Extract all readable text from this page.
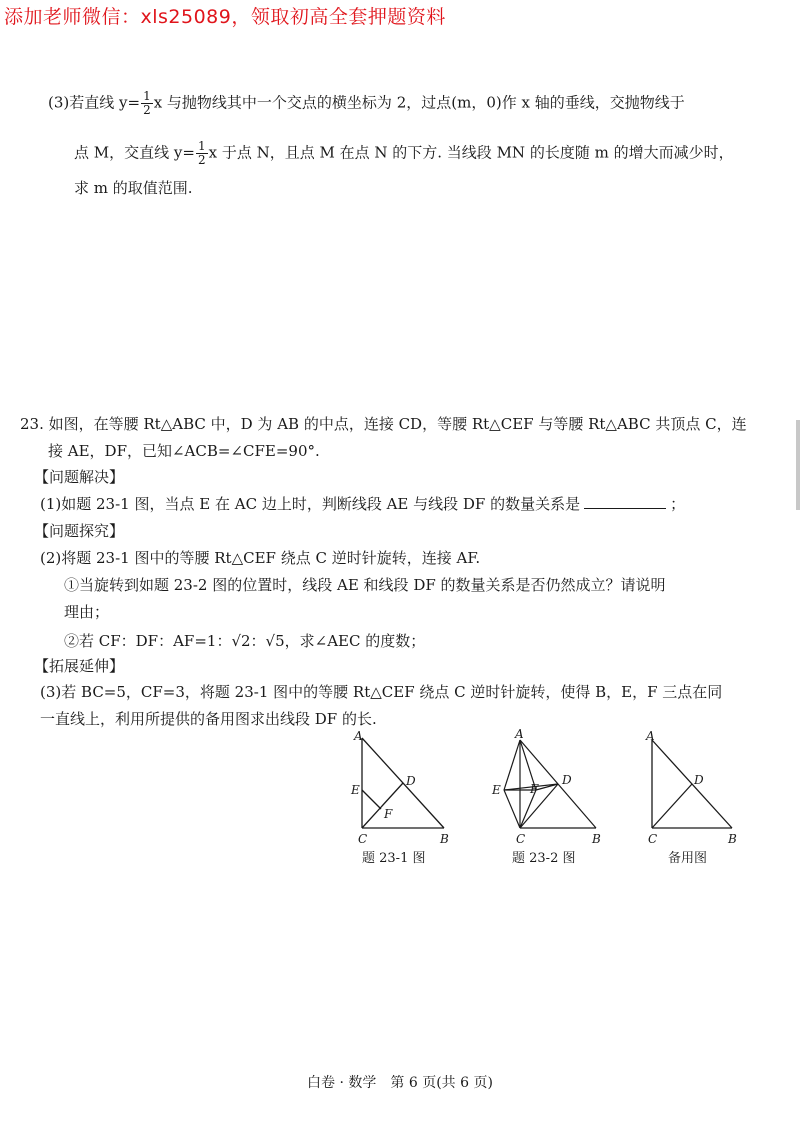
添加老师微信：xls25089，领取初高全套押题资料
(3)若直线 $y= \frac{1}{2}$ x 与抛物线其中一个交点的横坐标为 2，过点(m，0)作 x 轴的垂线，交抛物线于
点 M，交直线 $y= \frac{1}{2}$ x 于点 N，且点 M 在点 N 的下方. 当线段 MN 的长度随 m 的增大而减少时，
求 m 的取值范围.
23. 如图，在等腰 Rt△ABC 中，D 为 AB 的中点，连接 CD，等腰 Rt△CEF 与等腰 Rt△ABC 共顶点 C，连
接 AE，DF，已知∠ACB=∠CFE=90°.
【问题解决】
(1)如题 23-1 图，当点 E 在 AC 边上时，判断线段 AE 与线段 DF 的数量关系是	；
【问题探究】
(2)将题 23-1 图中的等腰 Rt△CEF 绕点 C 逆时针旋转，连接 AF.
①当旋转到如题 23-2 图的位置时，线段 AE 和线段 DF 的数量关系是否仍然成立？请说明
理由；
②若 CF：DF：AF=1：√2：√5，求∠AEC 的度数；
【拓展延伸】
(3)若 BC=5，CF=3，将题 23-1 图中的等腰 Rt△CEF 绕点 C 逆时针旋转，使得 B，E，F 三点在同
一直线上，利用所提供的备用图求出线段 DF 的长.
A
D
E
F
C	B
题 23-1 图
A
D
E F
C	B
题 23-2 图
A
D
C	B
备用图
白卷 · 数学　第 6 页(共 6 页)
